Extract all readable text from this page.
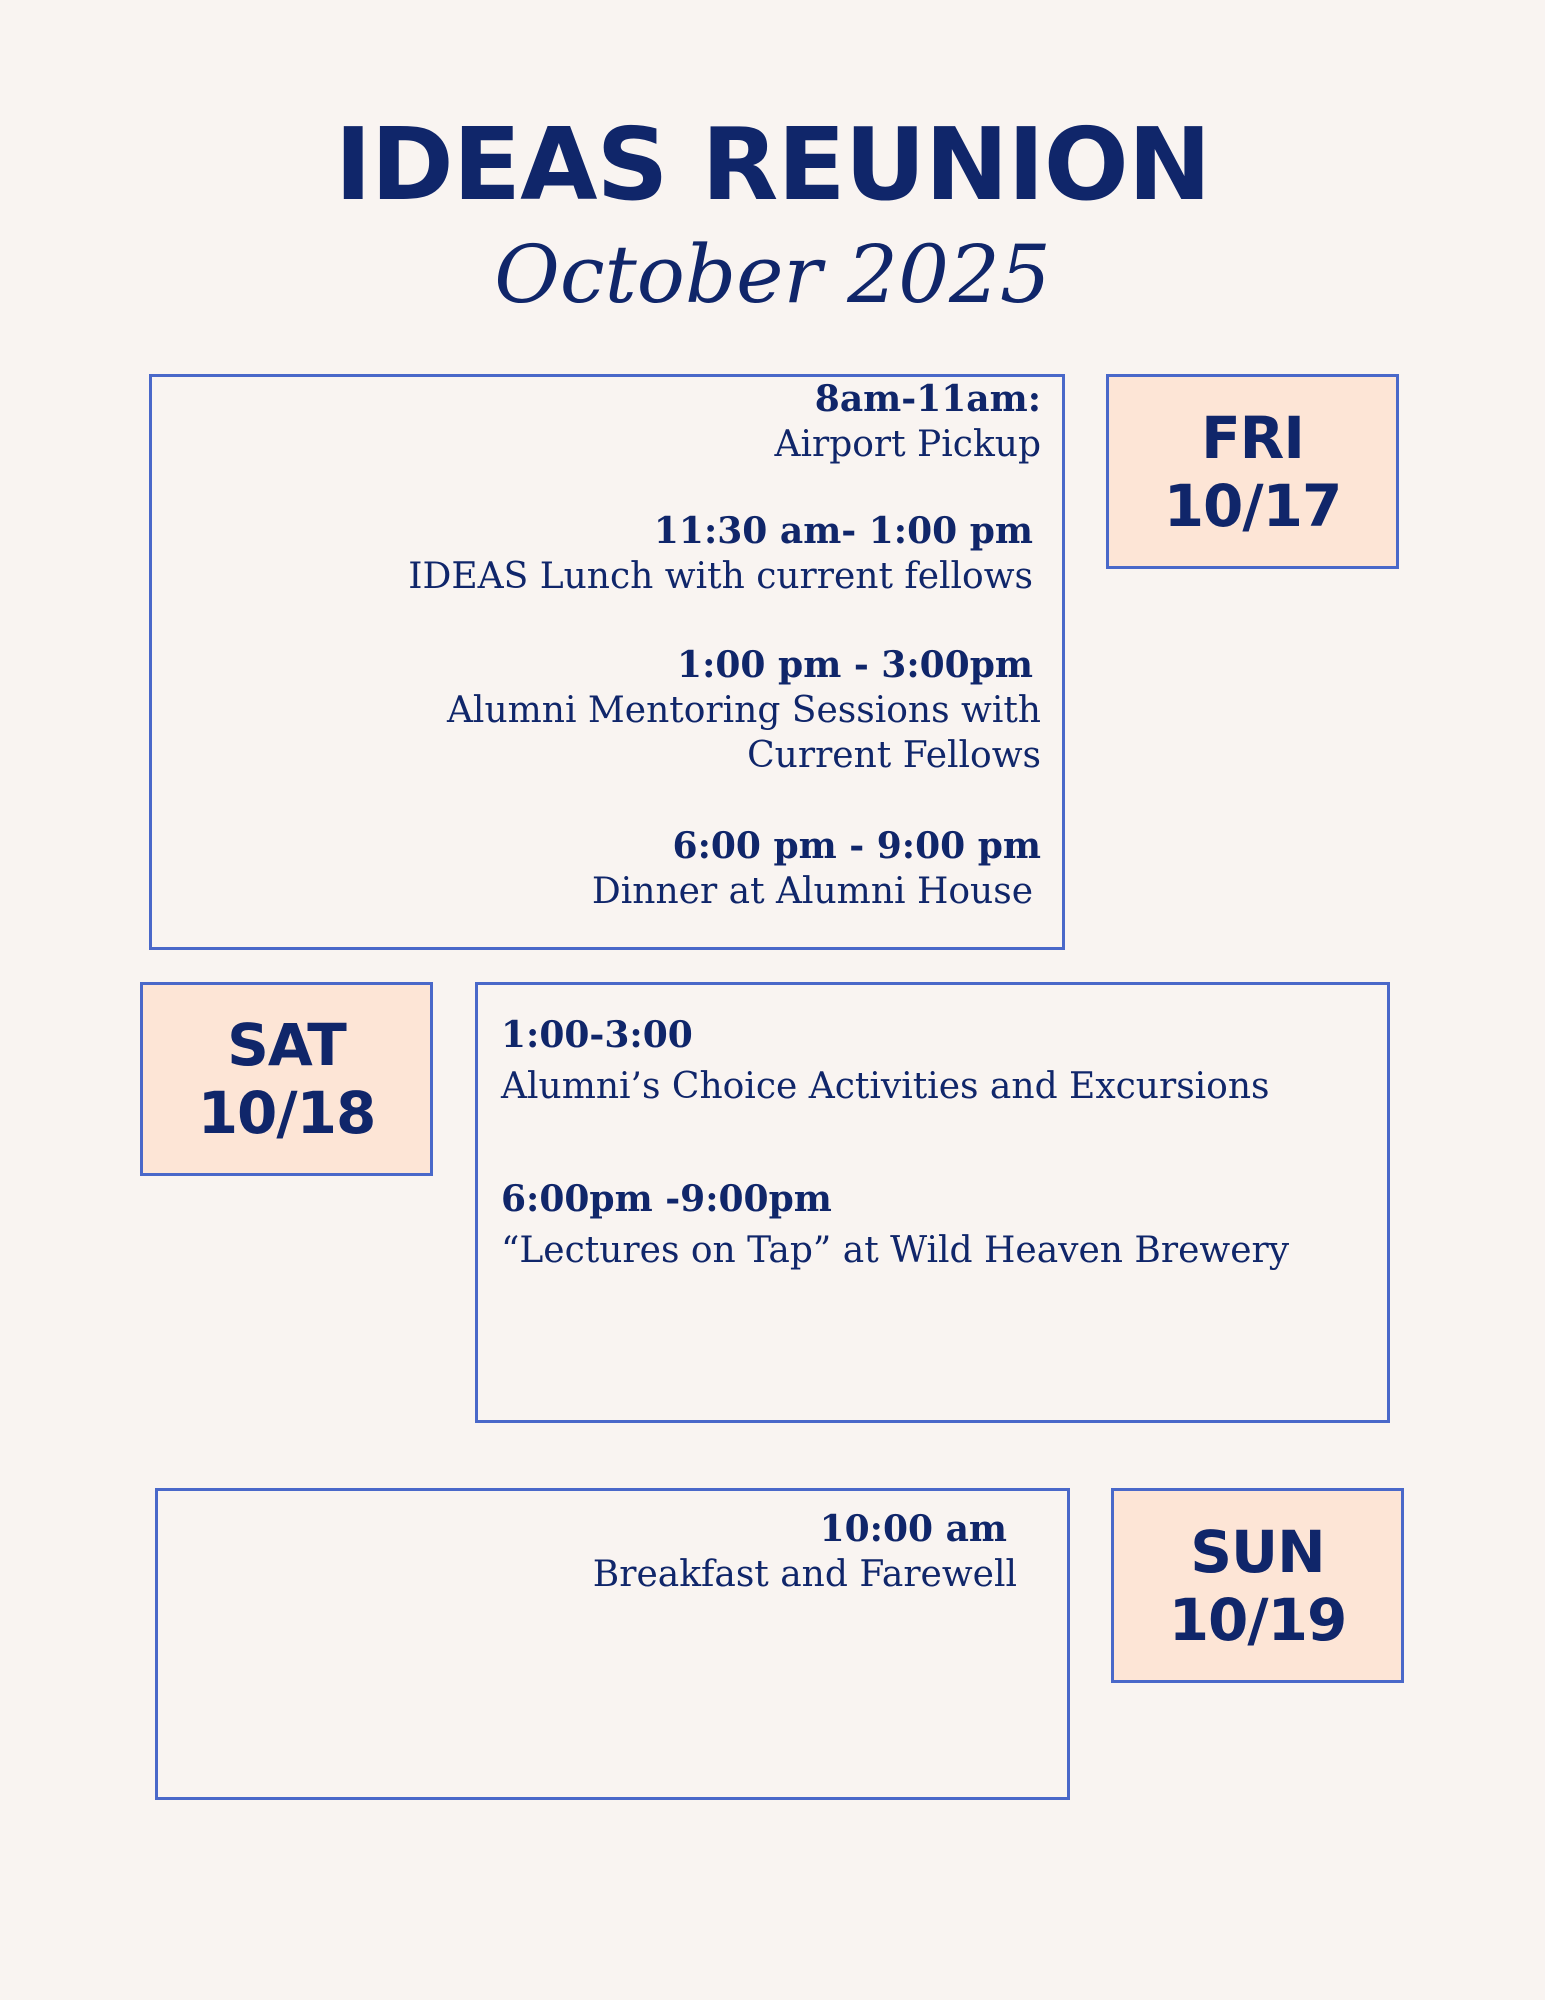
IDEAS REUNION

October 2025

8am-11am:
Airport Pickup
11:30 am- 1:00 pm
IDEAS Lunch with current fellows
1:00 pm - 3:00pm
Alumni Mentoring Sessions with Current Fellows
6:00 pm - 9:00 pm
Dinner at Alumni House
FRI
10/17
SAT
10/18
1:00-3:00
Alumni’s Choice Activities and Excursions
6:00pm -9:00pm
“Lectures on Tap” at Wild Heaven Brewery
10:00 am
Breakfast and Farewell	SUN
10/19
